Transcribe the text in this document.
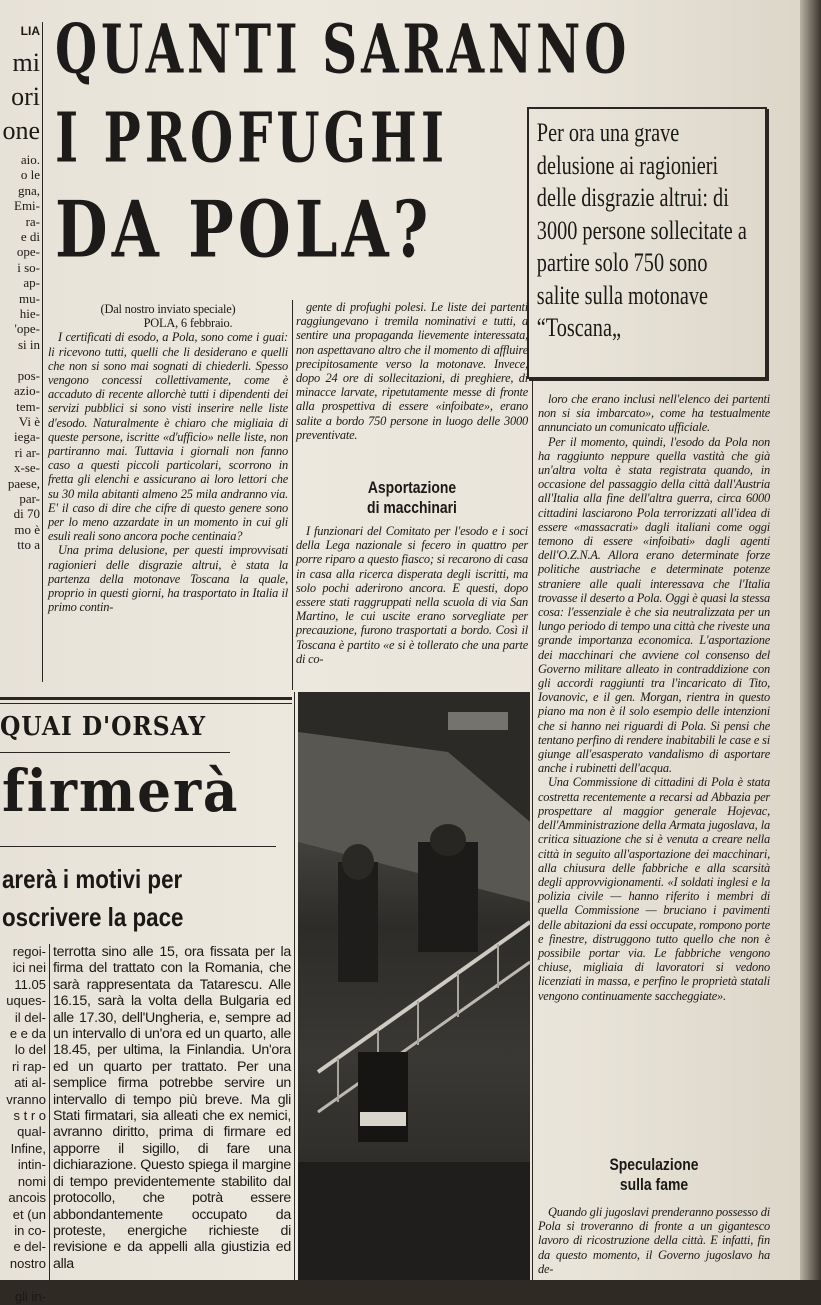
LIA
mi
ori
one
aio.
o le
gna,
Emi-
ra-
e di
ope-
i so-
ap-
mu-
hie-
'ope-
si in

pos-
azio-
tem-
Vi è
iega-
ri ar-
x-se-
paese,
par-
di 70
mo è
tto a
QUANTI SARANNO
I PROFUGHI
DA POLA?
Per ora una grave delusione ai ragionieri delle disgrazie altrui: di 3000 persone sollecitate a partire solo 750 sono salite sulla motonave “Toscana„
(Dal nostro inviato speciale)
POLA, 6 febbraio.

I certificati di esodo, a Pola, sono come i guai: li ricevono tutti, quelli che li desiderano e quelli che non si sono mai sognati di chiederli. Spesso vengono concessi collettivamente, come è accaduto di recente allorchè tutti i dipendenti dei servizi pubblici si sono visti inserire nelle liste d'esodo. Naturalmente è chiaro che migliaia di queste persone, iscritte «d'ufficio» nelle liste, non partiranno mai. Tuttavia i giornali non fanno caso a questi piccoli particolari, scorrono in fretta gli elenchi e assicurano ai loro lettori che su 30 mila abitanti almeno 25 mila andranno via. E' il caso di dire che cifre di questo genere sono per lo meno azzardate in un momento in cui gli esuli reali sono ancora poche centinaia?

Una prima delusione, per questi improvvisati ragionieri delle disgrazie altrui, è stata la partenza della motonave Toscana la quale, proprio in questi giorni, ha trasportato in Italia il primo contin-

gente di profughi polesi. Le liste dei partenti raggiungevano i tremila nominativi e tutti, a sentire una propaganda lievemente interessata, non aspettavano altro che il momento di affluire precipitosamente verso la motonave. Invece, dopo 24 ore di sollecitazioni, di preghiere, di minacce larvate, ripetutamente messe di fronte alla prospettiva di essere «infoibate», erano salite a bordo 750 persone in luogo delle 3000 preventivate.

Asportazione
di macchinari

I funzionari del Comitato per l'esodo e i soci della Lega nazionale si fecero in quattro per porre riparo a questo fiasco; si recarono di casa in casa alla ricerca disperata degli iscritti, ma solo pochi aderirono ancora. E questi, dopo essere stati raggruppati nella scuola di via San Martino, le cui uscite erano sorvegliate per precauzione, furono trasportati a bordo. Così il Toscana è partito «e si è tollerato che una parte di co-

loro che erano inclusi nell'elenco dei partenti non si sia imbarcato», come ha testualmente annunciato un comunicato ufficiale.

Per il momento, quindi, l'esodo da Pola non ha raggiunto neppure quella vastità che già un'altra volta è stata registrata quando, in occasione del passaggio della città dall'Austria all'Italia alla fine dell'altra guerra, circa 6000 cittadini lasciarono Pola terrorizzati all'idea di essere «massacrati» dagli italiani come oggi temono di essere «infoibati» dagli agenti dell'O.Z.N.A. Allora erano determinate forze politiche austriache e determinate potenze straniere alle quali interessava che l'Italia trovasse il deserto a Pola. Oggi è quasi la stessa cosa: l'essenziale è che sia neutralizzata per un lungo periodo di tempo una città che riveste una grande importanza economica. L'asportazione dei macchinari che avviene col consenso del Governo militare alleato in contraddizione con gli accordi raggiunti tra l'incaricato di Tito, Iovanovic, e il gen. Morgan, rientra in questo piano ma non è il solo esempio delle intenzioni che si hanno nei riguardi di Pola. Si pensi che tentano perfino di rendere inabitabili le case e si giunge all'esasperato vandalismo di asportare anche i rubinetti dell'acqua.

Una Commissione di cittadini di Pola è stata costretta recentemente a recarsi ad Abbazia per prospettare al maggior generale Hojevac, dell'Amministrazione della Armata jugoslava, la critica situazione che si è venuta a creare nella città in seguito all'asportazione dei macchinari, alla chiusura delle fabbriche e alla scarsità degli approvvigionamenti. «I soldati inglesi e la polizia civile — hanno riferito i membri di quella Commissione — bruciano i pavimenti delle abitazioni da essi occupate, rompono porte e finestre, distruggono tutto quello che non è possibile portar via. Le fabbriche vengono chiuse, migliaia di lavoratori si vedono licenziati in massa, e perfino le proprietà statali vengono continuamente saccheggiate».

Speculazione
sulla fame

Quando gli jugoslavi prenderanno possesso di Pola si troveranno di fronte a un gigantesco lavoro di ricostruzione della città. E infatti, fin da questo momento, il Governo jugoslavo ha de-

QUAI D'ORSAY
firmerà
arerà i motivi per
oscrivere la pace
regoi-
ici nei
11.05
uques-
il del-
e e da
lo del
ri rap-
ati al-
vranno
s t r o
qual-
Infine,
intin-
nomi
ancois
et (un
in co-
e del-
nostro

gli in-
terrotta sino alle 15, ora fissata per la firma del trattato con la Romania, che sarà rappresentata da Tatarescu. Alle 16.15, sarà la volta della Bulgaria ed alle 17.30, dell'Ungheria, e, sempre ad un intervallo di un'ora ed un quarto, alle 18.45, per ultima, la Finlandia. Un'ora ed un quarto per trattato. Per una semplice firma potrebbe servire un intervallo di tempo più breve. Ma gli Stati firmatari, sia alleati che ex nemici, avranno diritto, prima di firmare ed apporre il sigillo, di fare una dichiarazione. Questo spiega il margine di tempo previdentemente stabilito dal protocollo, che potrà essere abbondantemente occupato da proteste, energiche richieste di revisione e da appelli alla giustizia ed alla
